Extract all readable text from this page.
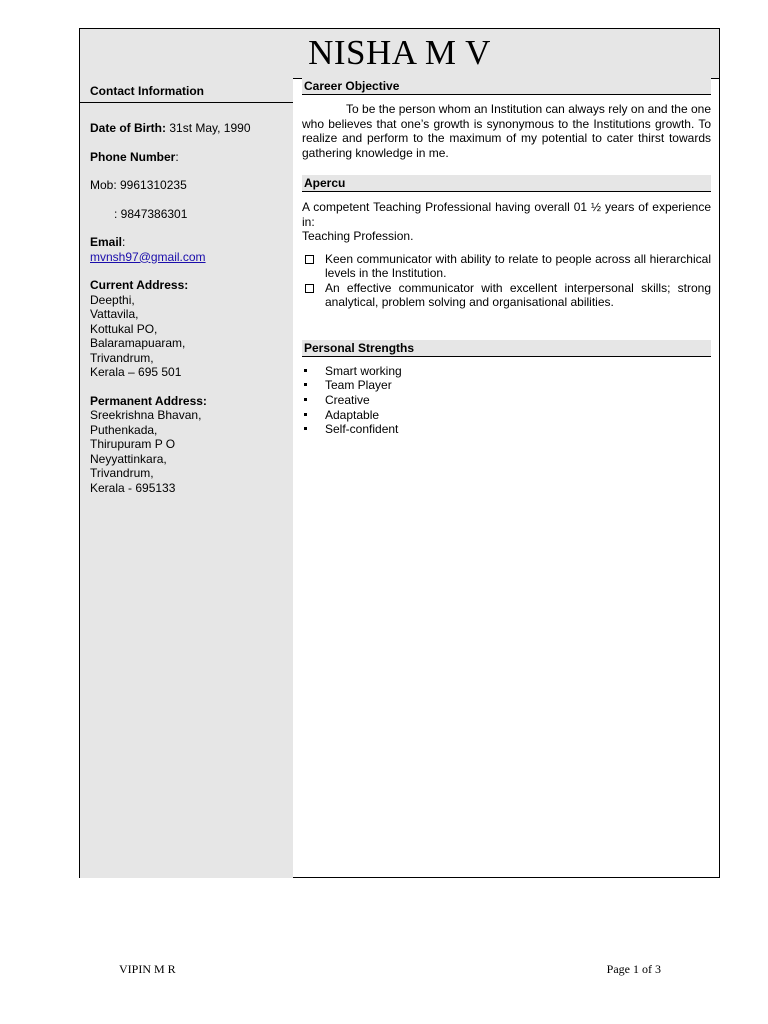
NISHA M V
Contact Information

Date of Birth: 31st May, 1990

Phone Number:

Mob: 9961310235

: 9847386301

Email:

mvnsh97@gmail.com

Current Address:

Deepthi,

Vattavila,

Kottukal PO,

Balaramapuaram,

Trivandrum,

Kerala – 695 501

Permanent Address:

Sreekrishna Bhavan,

Puthenkada,

Thirupuram P O

Neyyattinkara,

Trivandrum,

Kerala - 695133

Career Objective

To be the person whom an Institution can always rely on and the one who believes that one’s growth is synonymous to the Institutions growth. To realize and perform to the maximum of my potential to cater thirst towards gathering knowledge in me.

Apercu

A competent Teaching Professional having overall 01 ½ years of experience in:

Teaching Profession.

Keen communicator with ability to relate to people across all hierarchical levels in the Institution.
An effective communicator with excellent interpersonal skills; strong analytical, problem solving and organisational abilities.
Personal Strengths
Smart working
Team Player
Creative
Adaptable
Self-confident
VIPIN M R	Page 1 of 3
